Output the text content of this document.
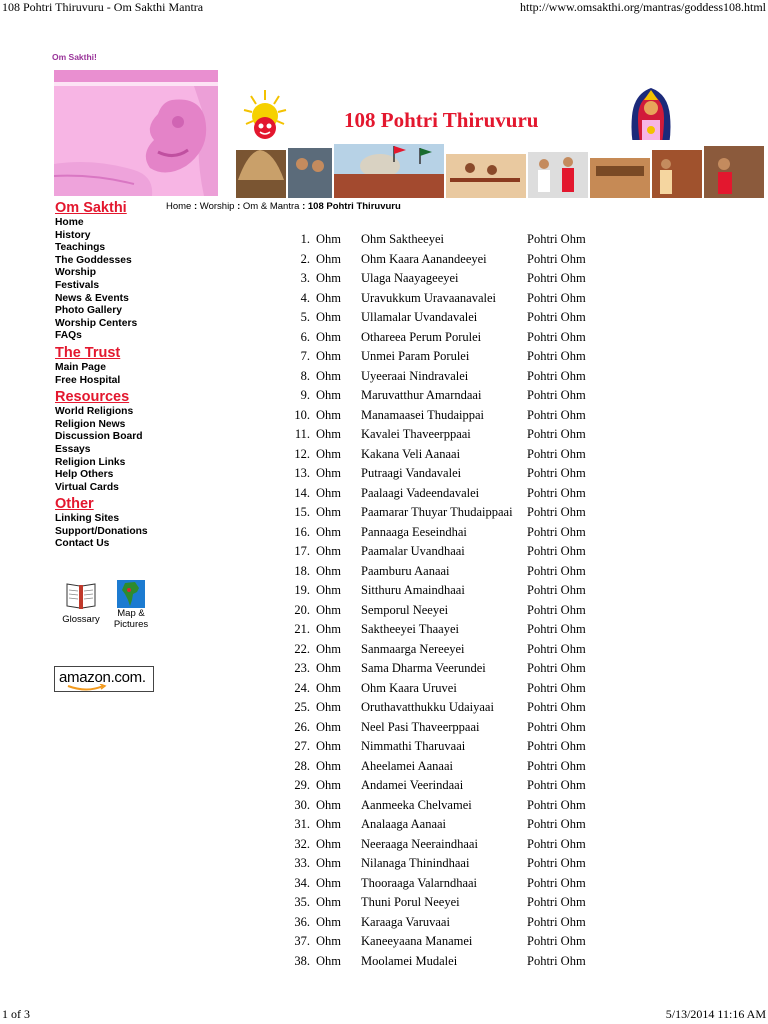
108 Pohtri Thiruvuru - Om Sakthi Mantra	http://www.omsakthi.org/mantras/goddess108.html
Om Sakthi!
108 Pohtri Thiruvuru
Om Sakthi
Home
History
Teachings
The Goddesses
Worship
Festivals
News & Events
Photo Gallery
Worship Centers
FAQs
The Trust
Main Page
Free Hospital
Resources
World Religions
Religion News
Discussion Board
Essays
Religion Links
Help Others
Virtual Cards
Other
Linking Sites
Support/Donations
Contact Us
Glossary
Map &
Pictures
amazon.com.
Home : Worship : Om & Mantra : 108 Pohtri Thiruvuru
1. Ohm Ohm Saktheeyei	Pohtri Ohm
2. Ohm Ohm Kaara Aanandeeyei	Pohtri Ohm
3. Ohm Ulaga Naayageeyei	Pohtri Ohm
4. Ohm Uravukkum Uravaanavalei Pohtri Ohm
5. Ohm Ullamalar Uvandavalei	Pohtri Ohm
6. Ohm Othareea Perum Porulei	Pohtri Ohm
7. Ohm Unmei Param Porulei	Pohtri Ohm
8. Ohm Uyeeraai Nindravalei	Pohtri Ohm
9. Ohm Maruvatthur Amarndaai	Pohtri Ohm
10. Ohm Manamaasei Thudaippai	Pohtri Ohm
11. Ohm Kavalei Thaveerppaai	Pohtri Ohm
12. Ohm Kakana Veli Aanaai	Pohtri Ohm
13. Ohm Putraagi Vandavalei	Pohtri Ohm
14. Ohm Paalaagi Vadeendavalei	Pohtri Ohm
15. Ohm Paamarar Thuyar Thudaippaai Pohtri Ohm
16. Ohm Pannaaga Eeseindhai	Pohtri Ohm
17. Ohm Paamalar Uvandhaai	Pohtri Ohm
18. Ohm Paamburu Aanaai	Pohtri Ohm
19. Ohm Sitthuru Amaindhaai	Pohtri Ohm
20. Ohm Semporul Neeyei	Pohtri Ohm
21. Ohm Saktheeyei Thaayei	Pohtri Ohm
22. Ohm Sanmaarga Nereeyei	Pohtri Ohm
23. Ohm Sama Dharma Veerundei	Pohtri Ohm
24. Ohm Ohm Kaara Uruvei	Pohtri Ohm
25. Ohm Oruthavatthukku Udaiyaai	Pohtri Ohm
26. Ohm Neel Pasi Thaveerppaai	Pohtri Ohm
27. Ohm Nimmathi Tharuvaai	Pohtri Ohm
28. Ohm Aheelamei Aanaai	Pohtri Ohm
29. Ohm Andamei Veerindaai	Pohtri Ohm
30. Ohm Aanmeeka Chelvamei	Pohtri Ohm
31. Ohm Analaaga Aanaai	Pohtri Ohm
32. Ohm Neeraaga Neeraindhaai	Pohtri Ohm
33. Ohm Nilanaga Thinindhaai	Pohtri Ohm
34. Ohm Thooraaga Valarndhaai	Pohtri Ohm
35. Ohm Thuni Porul Neeyei	Pohtri Ohm
36. Ohm Karaaga Varuvaai	Pohtri Ohm
37. Ohm Kaneeyaana Manamei	Pohtri Ohm
38. Ohm Moolamei Mudalei	Pohtri Ohm
1 of 3	5/13/2014 11:16 AM
